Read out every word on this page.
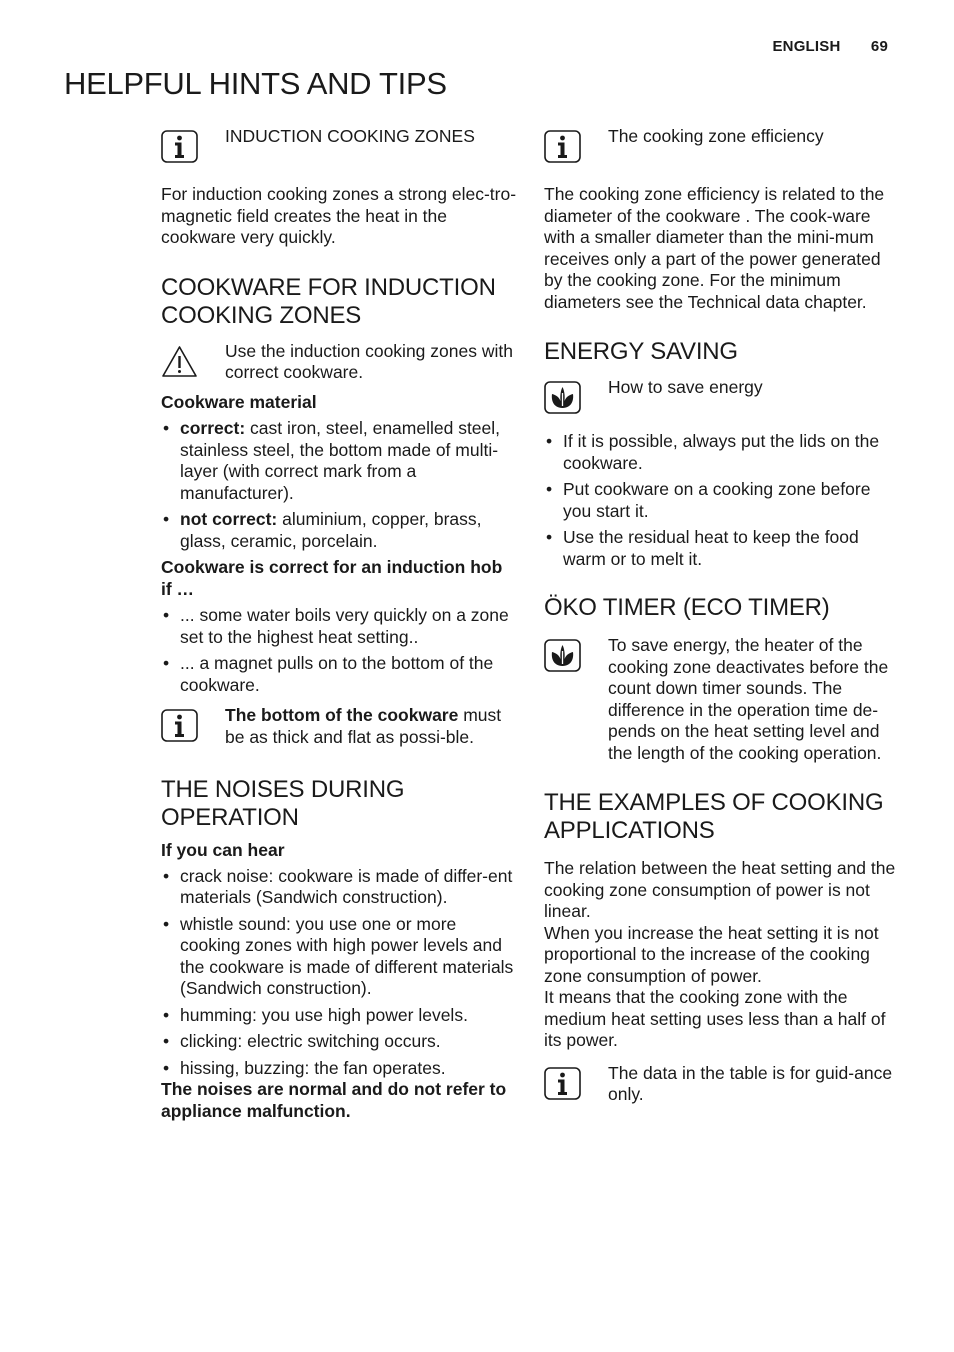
ENGLISH 69
HELPFUL HINTS AND TIPS
INDUCTION COOKING ZONES

For induction cooking zones a strong elec-tro-magnetic field creates the heat in the cookware very quickly.

COOKWARE FOR INDUCTION COOKING ZONES
Use the induction cooking zones with correct cookware.

Cookware material

• correct: cast iron, steel, enamelled steel, stainless steel, the bottom made of multi-layer (with correct mark from a manufacturer).
• not correct: aluminium, copper, brass, glass, ceramic, porcelain.

Cookware is correct for an induction hob if …

• ... some water boils very quickly on a zone set to the highest heat setting..
• ... a magnet pulls on to the bottom of the cookware.
The bottom of the cookware must be as thick and flat as possi-ble.
THE NOISES DURING OPERATION

If you can hear

• crack noise: cookware is made of differ-ent materials (Sandwich construction).
• whistle sound: you use one or more cooking zones with high power levels and the cookware is made of different materials (Sandwich construction).
• humming: you use high power levels.
• clicking: electric switching occurs.
• hissing, buzzing: the fan operates.

The noises are normal and do not refer to appliance malfunction.

The cooking zone efficiency

The cooking zone efficiency is related to the diameter of the cookware . The cook-ware with a smaller diameter than the mini-mum receives only a part of the power generated by the cooking zone. For the minimum diameters see the Technical data chapter.

ENERGY SAVING
How to save energy
• If it is possible, always put the lids on the cookware.
• Put cookware on a cooking zone before you start it.
• Use the residual heat to keep the food warm or to melt it.
ÖKO TIMER (ECO TIMER)
To save energy, the heater of the cooking zone deactivates before the count down timer sounds. The difference in the operation time de-pends on the heat setting level and the length of the cooking operation.
THE EXAMPLES OF COOKING APPLICATIONS

The relation between the heat setting and the cooking zone consumption of power is not linear.

When you increase the heat setting it is not proportional to the increase of the cooking zone consumption of power.

It means that the cooking zone with the medium heat setting uses less than a half of its power.

The data in the table is for guid-ance only.
